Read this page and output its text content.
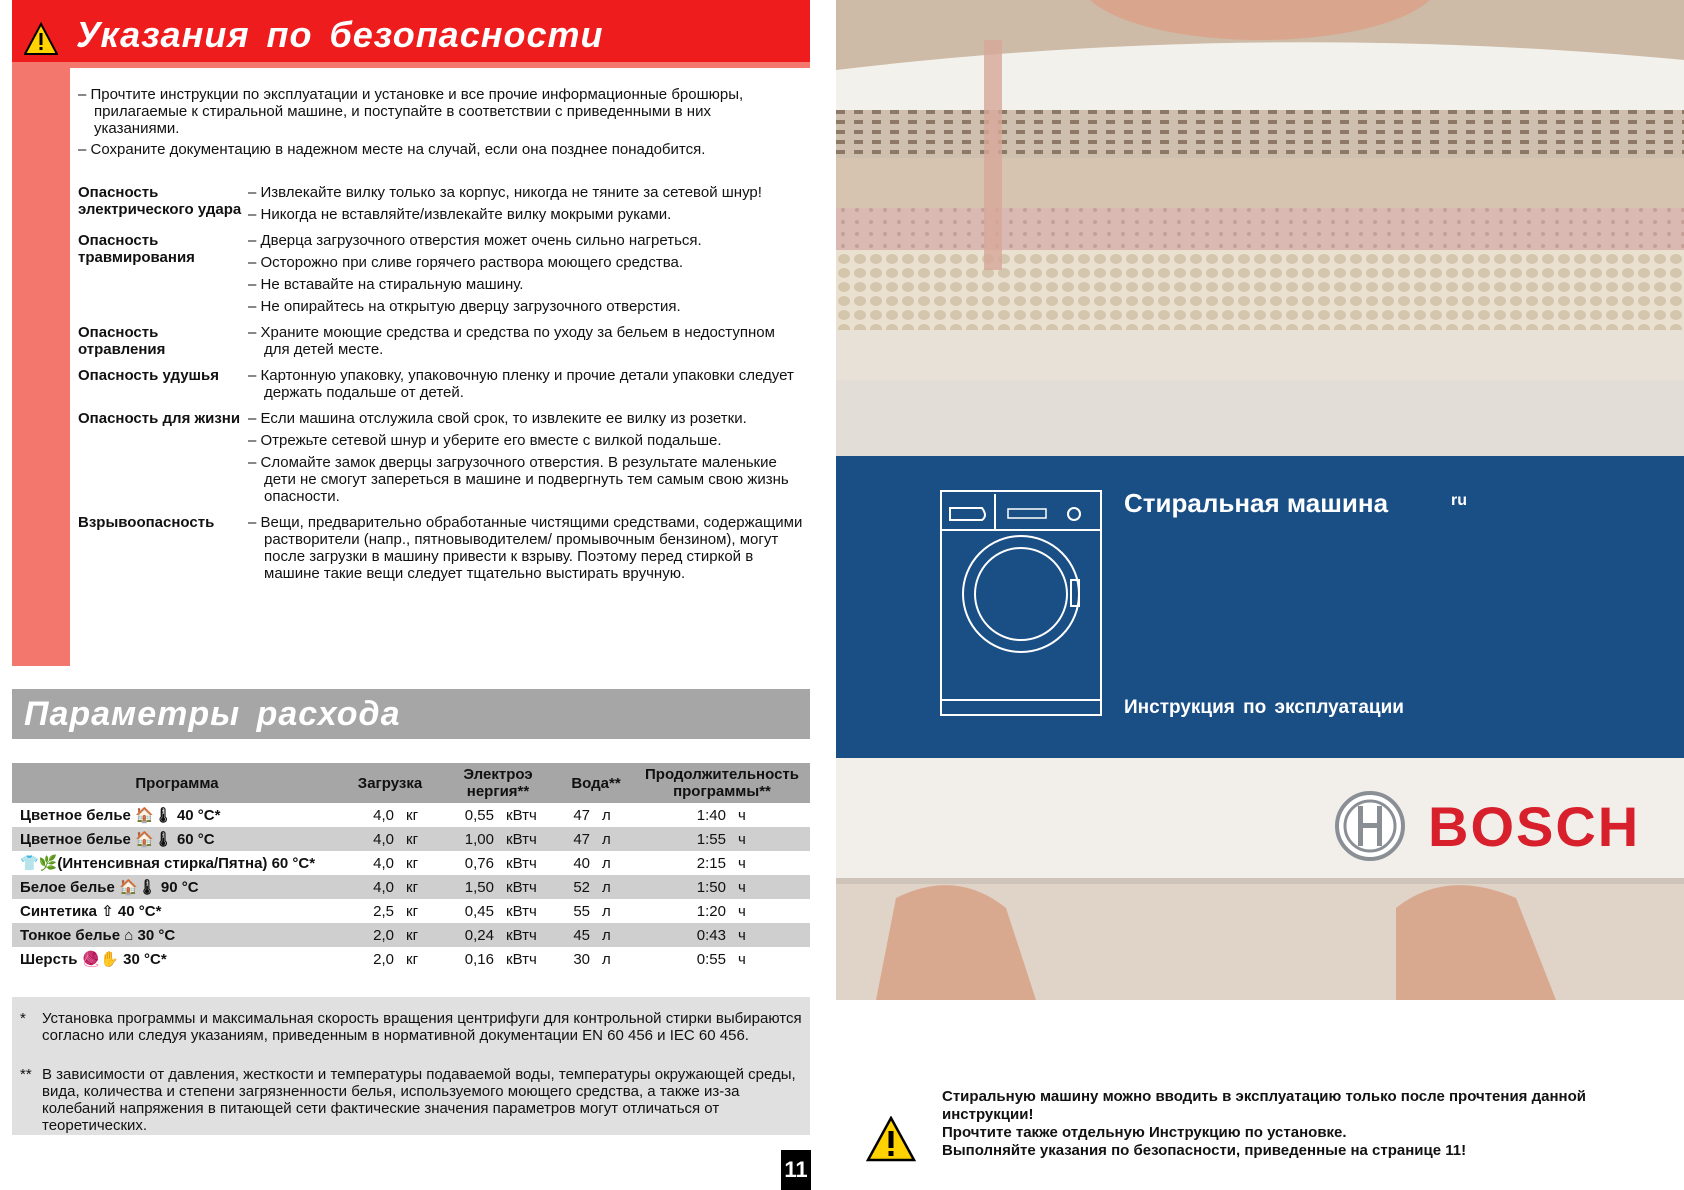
Указания по безопасности

– Прочтите инструкции по эксплуатации и установке и все прочие информационные брошюры, прилагаемые к стиральной машине, и поступайте в соответствии с приведенными в них указаниями.

– Сохраните документацию в надежном месте на случай, если она позднее понадобится.

Опасность электрического удара

– Извлекайте вилку только за корпус, никогда не тяните за сетевой шнур!

– Никогда не вставляйте/извлекайте вилку мокрыми руками.

Опасность травмирования

– Дверца загрузочного отверстия может очень сильно нагреться.

– Осторожно при сливе горячего раствора моющего средства.

– Не вставайте на стиральную машину.

– Не опирайтесь на открытую дверцу загрузочного отверстия.

Опасность отравления

– Храните моющие средства и средства по уходу за бельем в недоступном для детей месте.

Опасность удушья	– Картонную упаковку, упаковочную пленку и прочие детали упаковки следует держать подальше от детей.

Опасность для жизни – Если машина отслужила свой срок, то извлеките ее вилку из розетки.

– Отрежьте сетевой шнур и уберите его вместе с вилкой подальше.

– Сломайте замок дверцы загрузочного отверстия. В результате маленькие дети не смогут запереться в машине и подвергнуть тем самым свою жизнь опасности.

Взрывоопасность	– Вещи, предварительно обработанные чистящими средствами, содержащими растворители (напр., пятновыводителем/ промывочным бензином), могут после загрузки в машину привести к взрыву. Поэтому перед стиркой в машине такие вещи следует тщательно выстирать вручную.

Параметры расхода
Программа	Загрузка		Электроэ нергия**		Вода**		Продолжительность программы**	
Цветное белье 🏠🌡 40 °C*	4,0	кг	0,55	кВтч	47	л	1:40	ч
Цветное белье 🏠🌡 60 °C	4,0	кг	1,00	кВтч	47	л	1:55	ч
👕🌿(Интенсивная стирка/Пятна) 60 °C*	4,0	кг	0,76	кВтч	40	л	2:15	ч
Белое белье 🏠🌡 90 °C	4,0	кг	1,50	кВтч	52	л	1:50	ч
Синтетика ⇧ 40 °C*	2,5	кг	0,45	кВтч	55	л	1:20	ч
Тонкое белье ⌂ 30 °C	2,0	кг	0,24	кВтч	45	л	0:43	ч
Шерсть 🧶✋ 30 °C*	2,0	кг	0,16	кВтч	30	л	0:55	ч
* Установка программы и максимальная скорость вращения центрифуги для контрольной стирки выбираются согласно или следуя указаниям, приведенным в нормативной документации EN 60 456 и IEC 60 456.
** В зависимости от давления, жесткости и температуры подаваемой воды, температуры окружающей среды, вида, количества и степени загрязненности белья, используемого моющего средства, а также из-за колебаний напряжения в питающей сети фактические значения параметров могут отличаться от теоретических.
11
Стиральная машина	ru
Инструкция по эксплуатации
BOSCH

Стиральную машину можно вводить в эксплуатацию только после прочтения данной инструкции!

Прочтите также отдельную Инструкцию по установке.

Выполняйте указания по безопасности, приведенные на странице 11!
